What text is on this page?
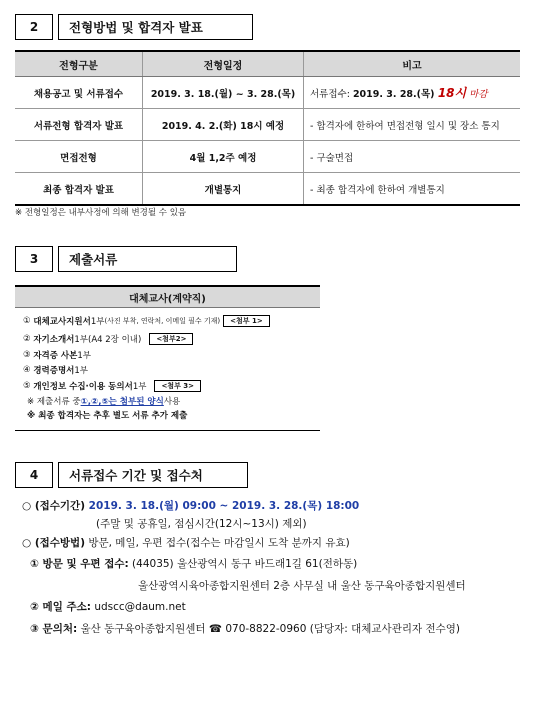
2	전형방법 및 합격자 발표
전형구분	전형일정	비고
채용공고 및 서류접수	2019. 3. 18.(월) ~ 3. 28.(목)	서류접수: 2019. 3. 28.(목) 18시 마감
서류전형 합격자 발표	2019. 4. 2.(화) 18시 예정	- 합격자에 한하여 면접전형 일시 및 장소 통지
면접전형	4월 1,2주 예정	- 구술면접
최종 합격자 발표	개별통지	- 최종 합격자에 한하여 개별통지
※ 전형일정은 내부사정에 의해 변경될 수 있음
3	제출서류
대체교사(계약직)
①
대체교사지원서 1부 (사진 부착, 연락처, 이메일 필수 기재)	<첨부 1>
②
자기소개서 1부(A4 2장 이내)	<첨부2>
③
자격증 사본 1부
④
경력증명서 1부
⑤
개인정보 수집·이용 동의서 1부	<첨부 3>
※ 제출서류 중 ①,②,⑤는 첨부된 양식 사용
※ 최종 합격자는 추후 별도 서류 추가 제출
4	서류접수 기간 및 접수처
○ (접수기간) 2019. 3. 18.(월) 09:00 ~ 2019. 3. 28.(목) 18:00
(주말 및 공휴일, 점심시간(12시~13시) 제외)
○ (접수방법) 방문, 메일, 우편 접수(접수는 마감일시 도착 분까지 유효)
① 방문 및 우편 접수: (44035) 울산광역시 동구 바드래1길 61(전하동)
울산광역시육아종합지원센터 2층 사무실 내 울산 동구육아종합지원센터
② 메일 주소: udscc@daum.net
③ 문의처: 울산 동구육아종합지원센터 ☎ 070-8822-0960 (담당자: 대체교사관리자 전수영)
